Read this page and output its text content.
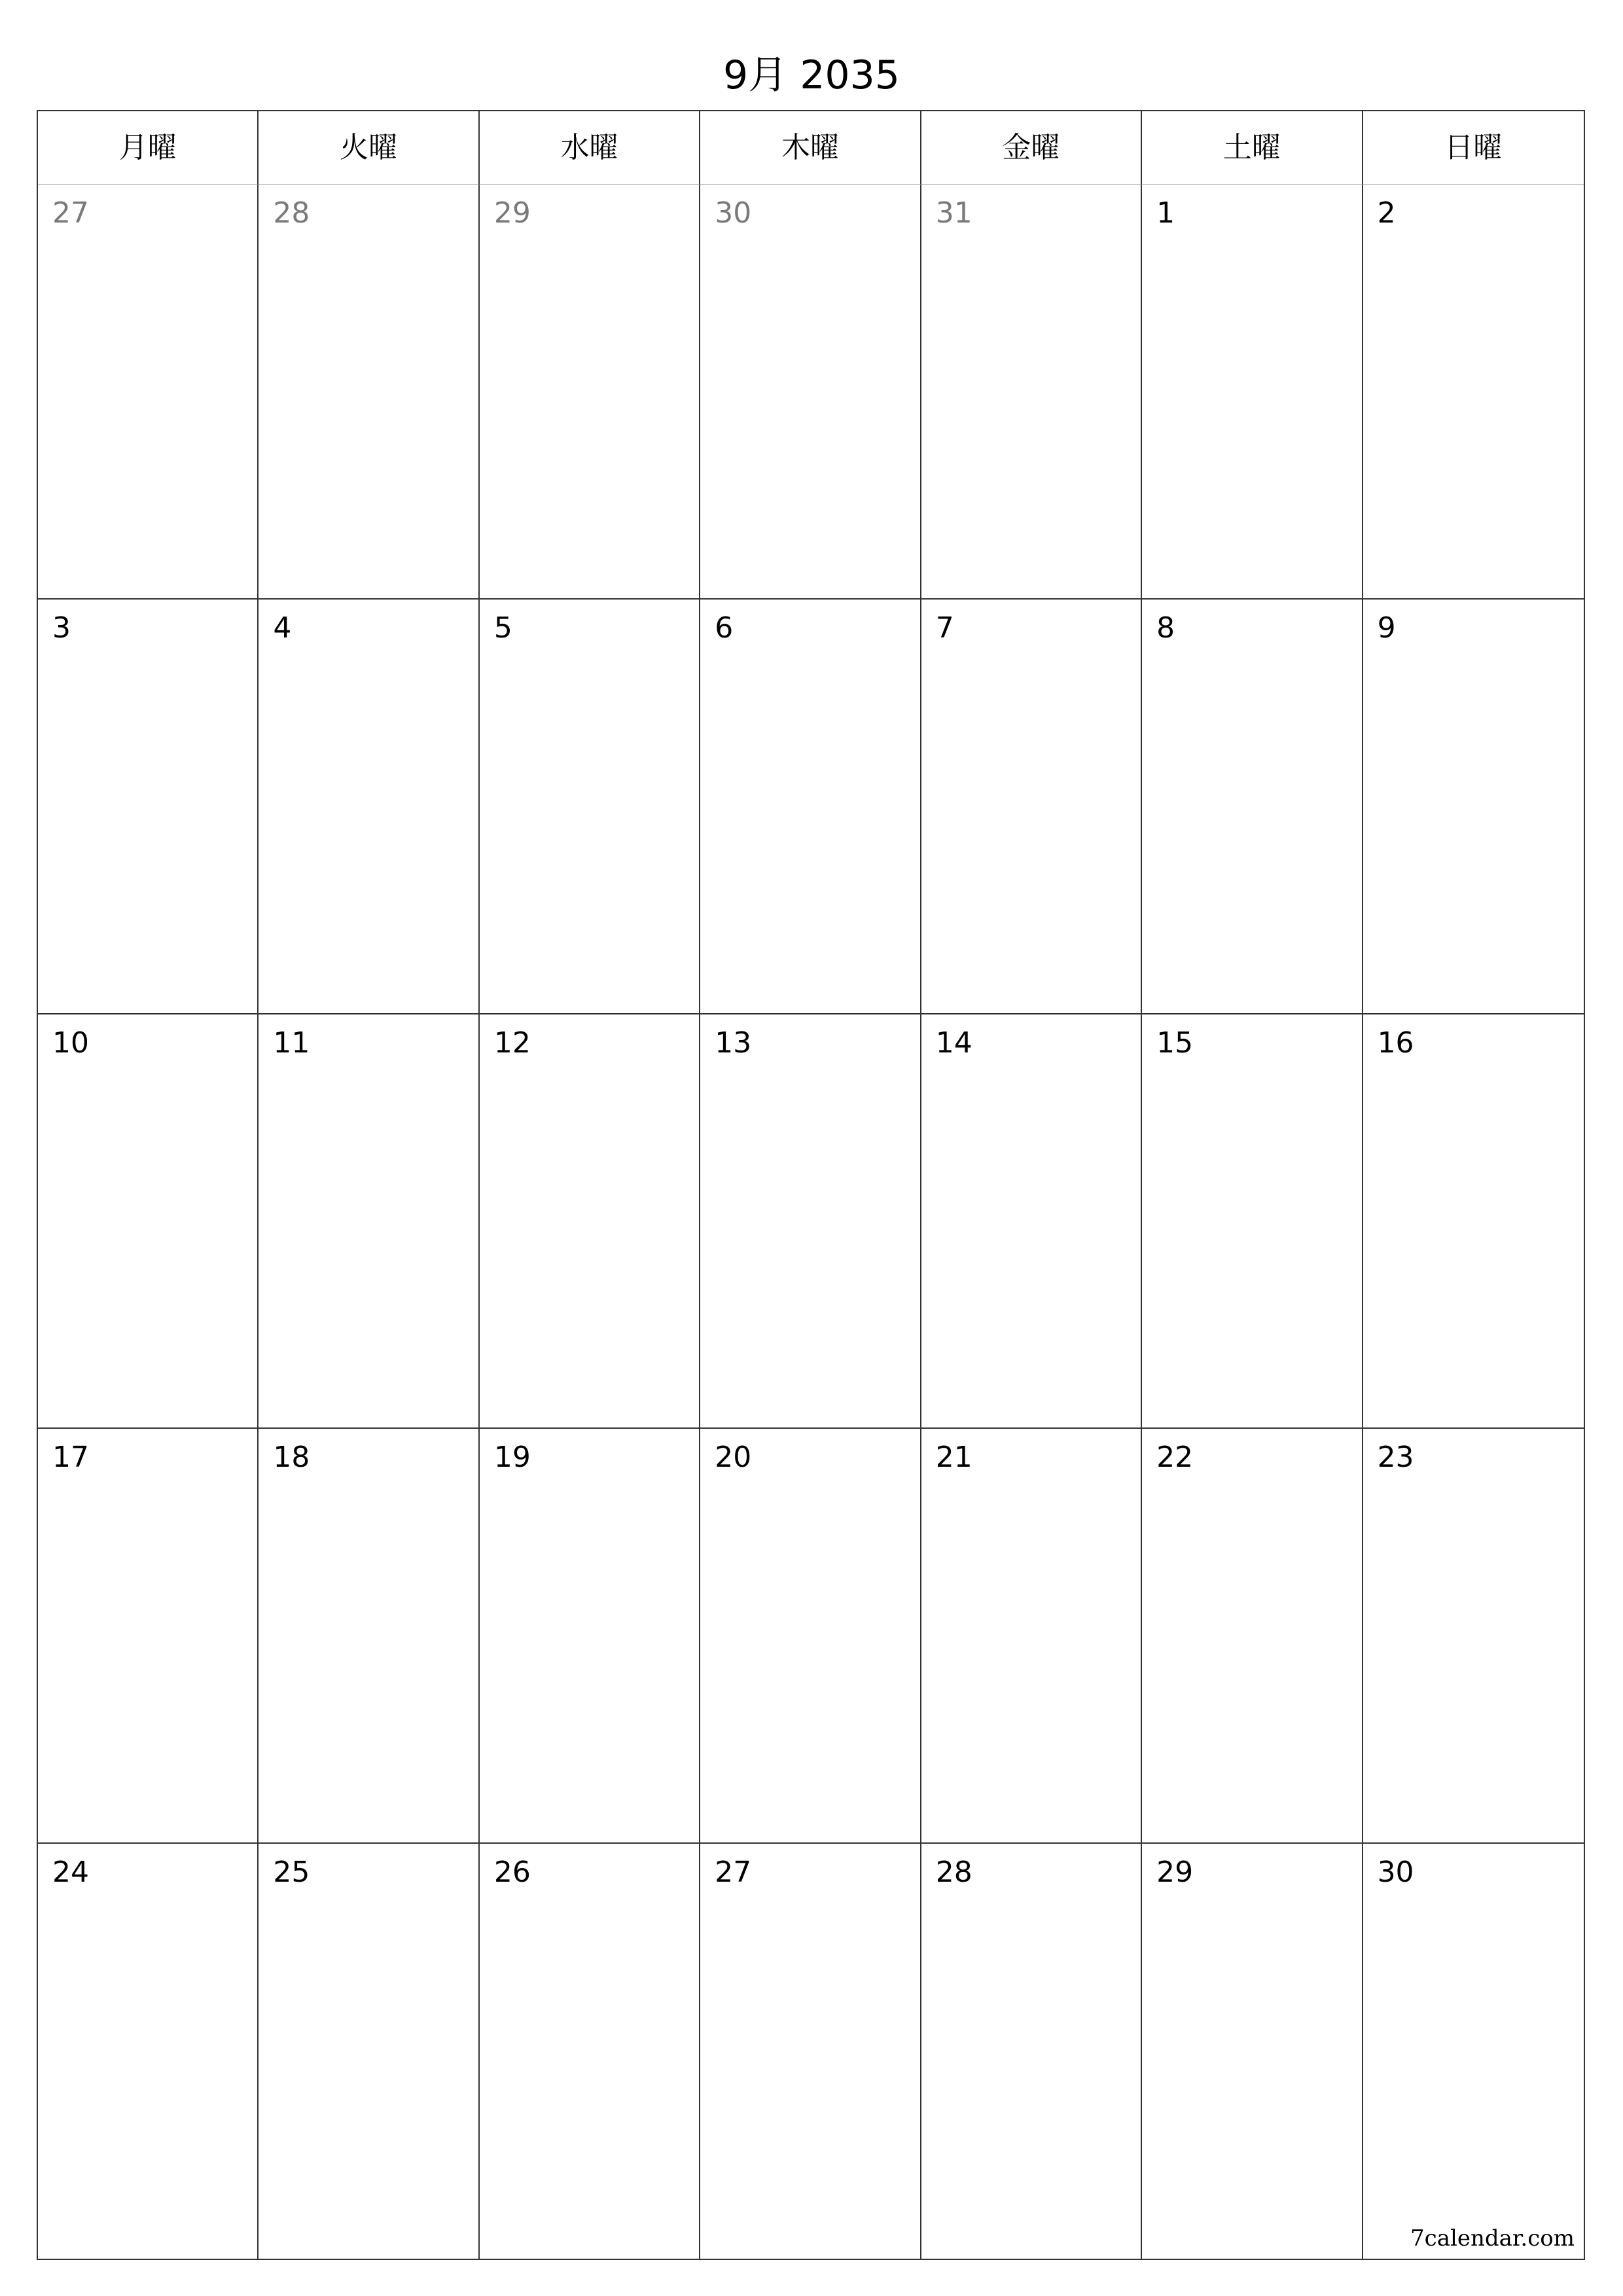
9月 2035
月曜	火曜	水曜	木曜	金曜	土曜	日曜
27	28	29	30	31	1	2
3	4	5	6	7	8	9
10	11	12	13	14	15	16
17	18	19	20	21	22	23
24	25	26	27	28	29	30
7calendar.com
